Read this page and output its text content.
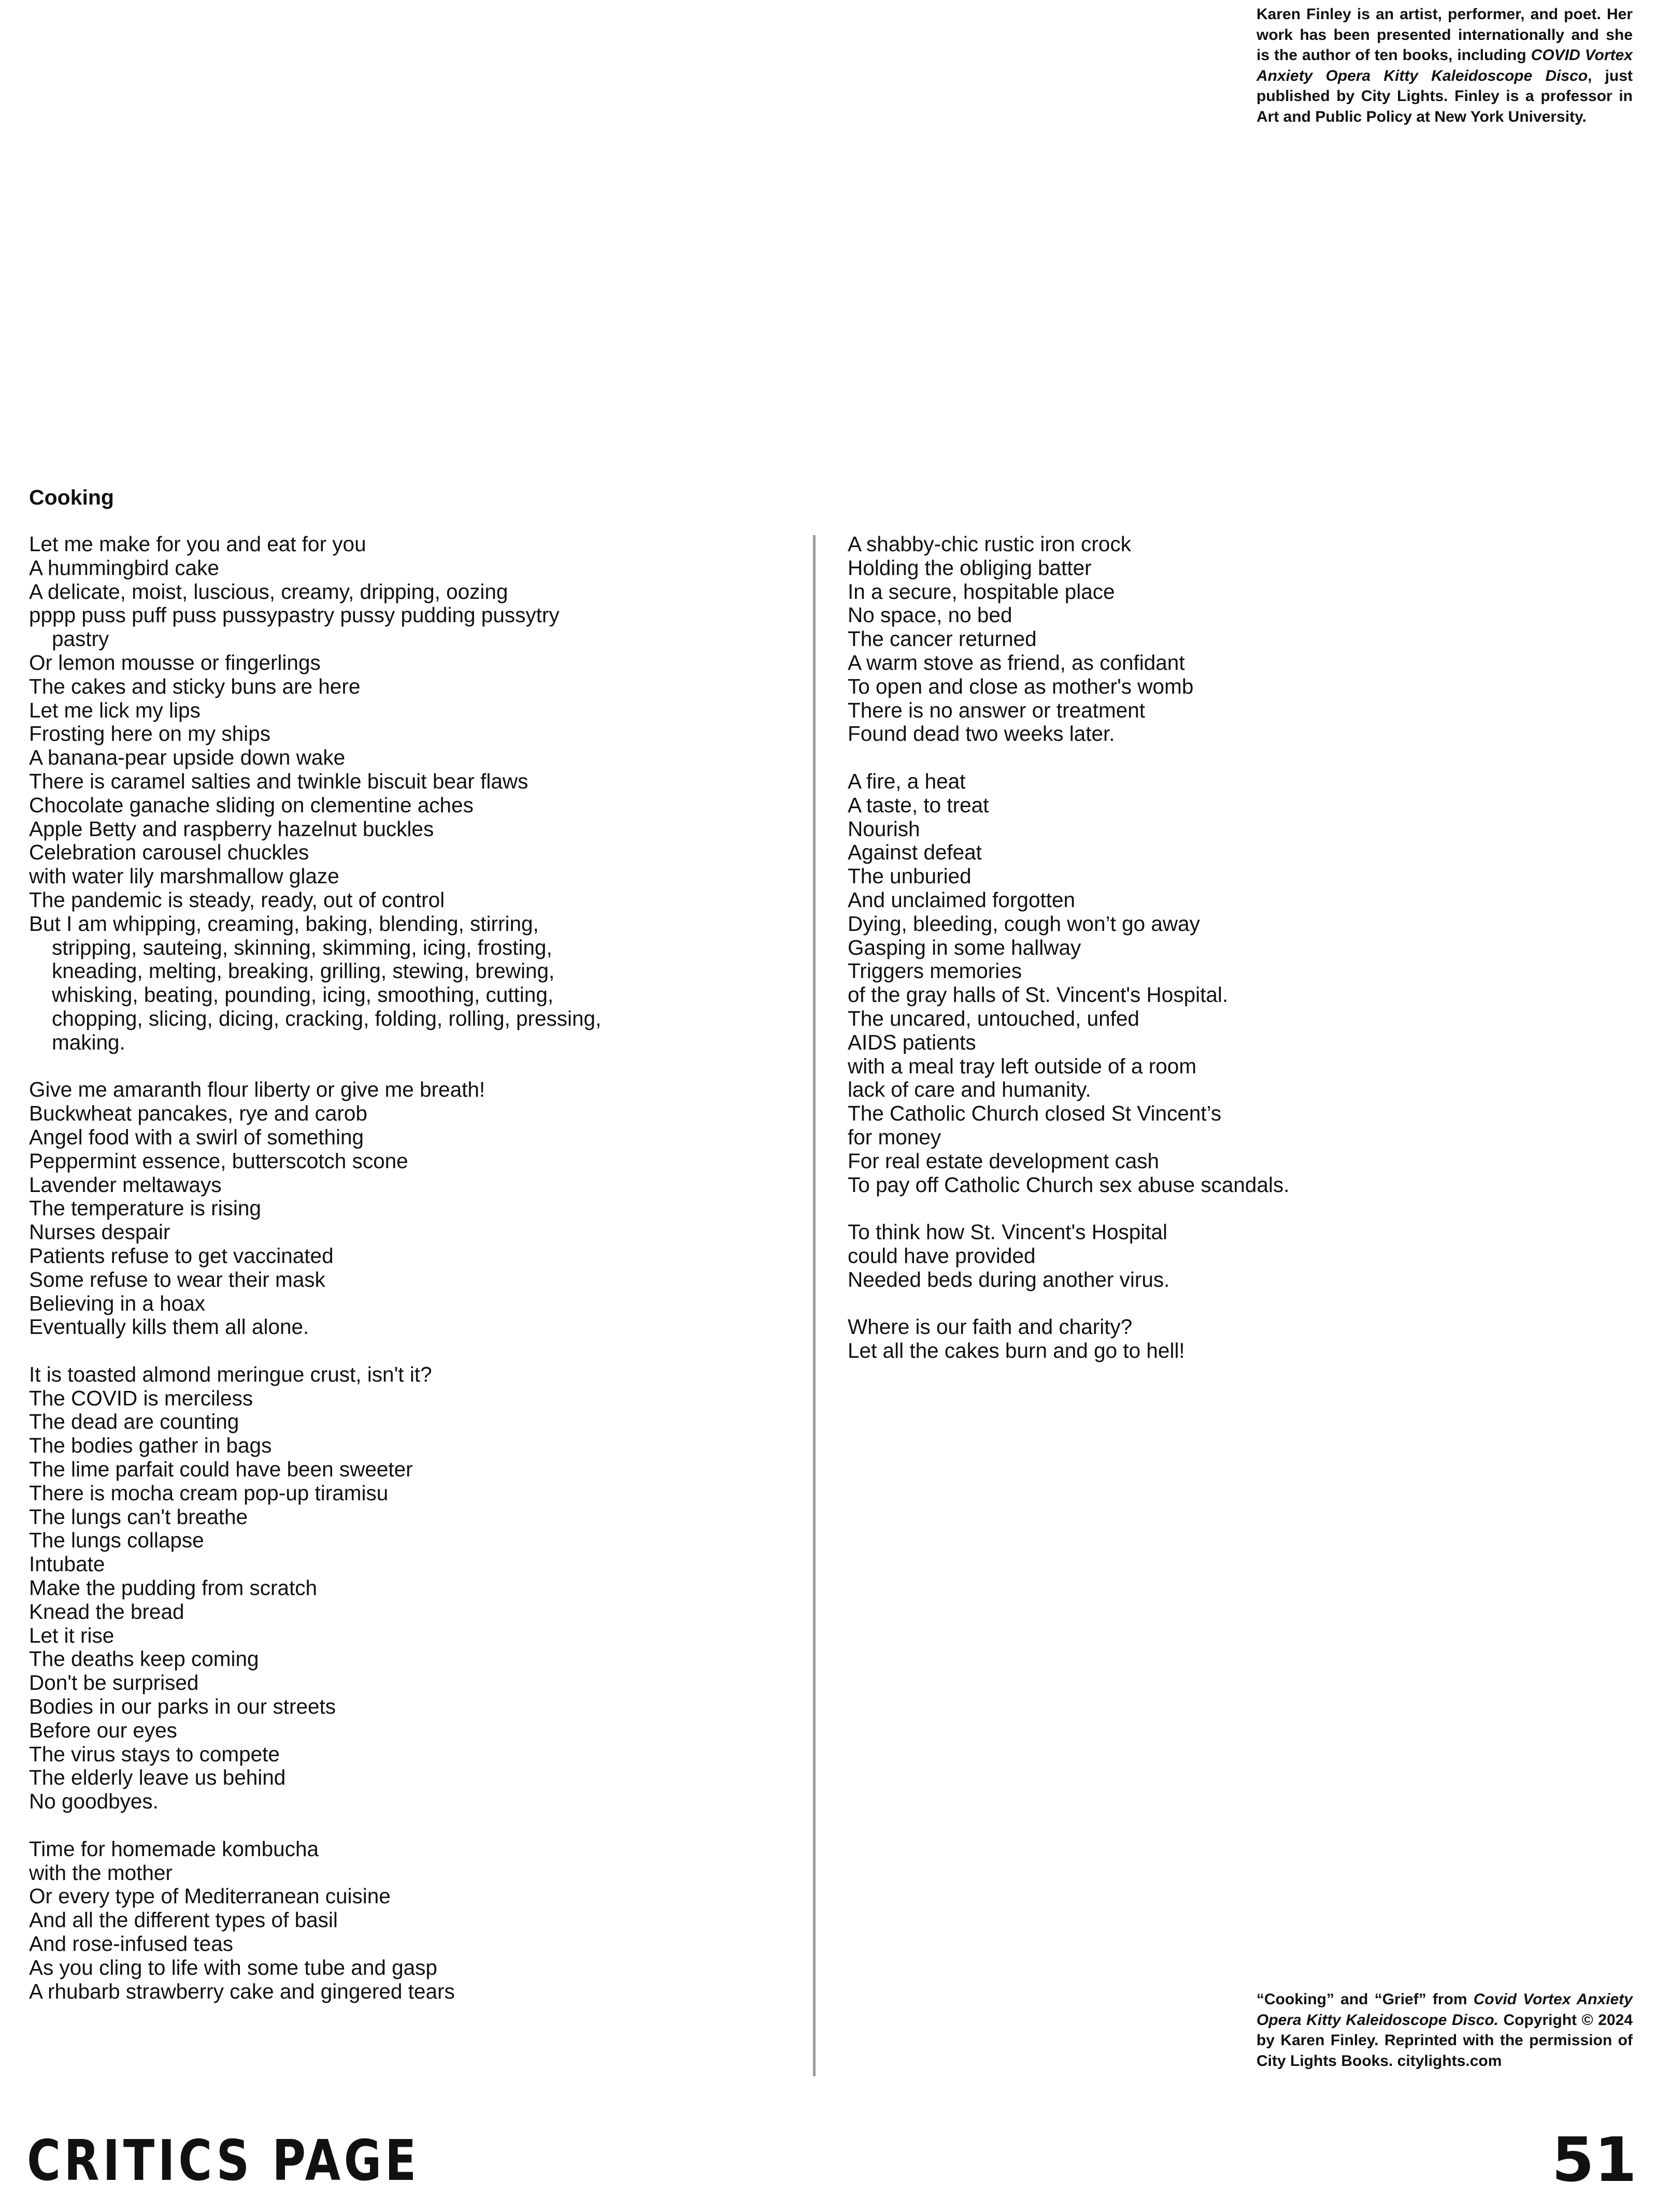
Karen Finley is an artist, performer, and poet. Her work has been presented internationally and she is the author of ten books, including COVID Vortex Anxiety Opera Kitty Kaleidoscope Disco, just published by City Lights. Finley is a professor in Art and Public Policy at New York University.

Cooking
Let me make for you and eat for you
A hummingbird cake
A delicate, moist, luscious, creamy, dripping, oozing
pppp puss puff puss pussypastry pussy pudding pussytry
pastry
Or lemon mousse or fingerlings
The cakes and sticky buns are here
Let me lick my lips
Frosting here on my ships
A banana-pear upside down wake
There is caramel salties and twinkle biscuit bear flaws
Chocolate ganache sliding on clementine aches
Apple Betty and raspberry hazelnut buckles
Celebration carousel chuckles
with water lily marshmallow glaze
The pandemic is steady, ready, out of control
But I am whipping, creaming, baking, blending, stirring,
stripping, sauteing, skinning, skimming, icing, frosting,
kneading, melting, breaking, grilling, stewing, brewing,
whisking, beating, pounding, icing, smoothing, cutting,
chopping, slicing, dicing, cracking, folding, rolling, pressing,
making.
Give me amaranth flour liberty or give me breath!
Buckwheat pancakes, rye and carob
Angel food with a swirl of something
Peppermint essence, butterscotch scone
Lavender meltaways
The temperature is rising
Nurses despair
Patients refuse to get vaccinated
Some refuse to wear their mask
Believing in a hoax
Eventually kills them all alone.
It is toasted almond meringue crust, isn't it?
The COVID is merciless
The dead are counting
The bodies gather in bags
The lime parfait could have been sweeter
There is mocha cream pop-up tiramisu
The lungs can't breathe
The lungs collapse
Intubate
Make the pudding from scratch
Knead the bread
Let it rise
The deaths keep coming
Don't be surprised
Bodies in our parks in our streets
Before our eyes
The virus stays to compete
The elderly leave us behind
No goodbyes.
Time for homemade kombucha
with the mother
Or every type of Mediterranean cuisine
And all the different types of basil
And rose-infused teas
As you cling to life with some tube and gasp
A rhubarb strawberry cake and gingered tears
A shabby-chic rustic iron crock
Holding the obliging batter
In a secure, hospitable place
No space, no bed
The cancer returned
A warm stove as friend, as confidant
To open and close as mother's womb
There is no answer or treatment
Found dead two weeks later.
A fire, a heat
A taste, to treat
Nourish
Against defeat
The unburied
And unclaimed forgotten
Dying, bleeding, cough won’t go away
Gasping in some hallway
Triggers memories
of the gray halls of St. Vincent's Hospital.
The uncared, untouched, unfed
AIDS patients
with a meal tray left outside of a room
lack of care and humanity.
The Catholic Church closed St Vincent’s
for money
For real estate development cash
To pay off Catholic Church sex abuse scandals.
To think how St. Vincent's Hospital
could have provided
Needed beds during another virus.
Where is our faith and charity?
Let all the cakes burn and go to hell!

“Cooking” and “Grief” from Covid Vortex Anxiety Opera Kitty Kaleidoscope Disco. Copyright © 2024 by Karen Finley. Reprinted with the permission of City Lights Books. citylights.com

CRITICS PAGE	51
